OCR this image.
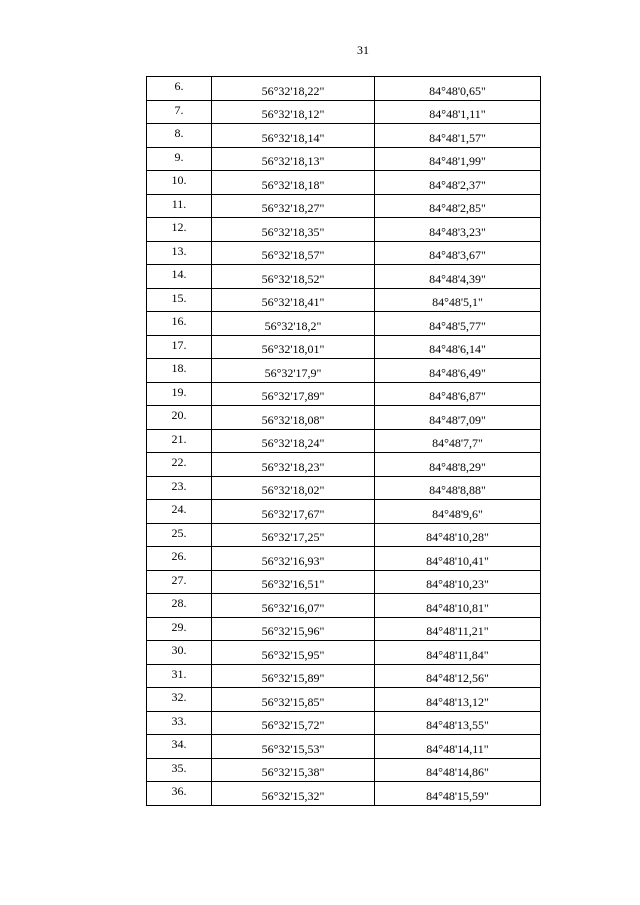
31
6.	56°32'18,22"	84°48'0,65"
7.	56°32'18,12"	84°48'1,11"
8.	56°32'18,14"	84°48'1,57"
9.	56°32'18,13"	84°48'1,99"
10.	56°32'18,18"	84°48'2,37"
11.	56°32'18,27"	84°48'2,85"
12.	56°32'18,35"	84°48'3,23"
13.	56°32'18,57"	84°48'3,67"
14.	56°32'18,52"	84°48'4,39"
15.	56°32'18,41"	84°48'5,1"
16.	56°32'18,2"	84°48'5,77"
17.	56°32'18,01"	84°48'6,14"
18.	56°32'17,9"	84°48'6,49"
19.	56°32'17,89"	84°48'6,87"
20.	56°32'18,08"	84°48'7,09"
21.	56°32'18,24"	84°48'7,7"
22.	56°32'18,23"	84°48'8,29"
23.	56°32'18,02"	84°48'8,88"
24.	56°32'17,67"	84°48'9,6"
25.	56°32'17,25"	84°48'10,28"
26.	56°32'16,93"	84°48'10,41"
27.	56°32'16,51"	84°48'10,23"
28.	56°32'16,07"	84°48'10,81"
29.	56°32'15,96"	84°48'11,21"
30.	56°32'15,95"	84°48'11,84"
31.	56°32'15,89"	84°48'12,56"
32.	56°32'15,85"	84°48'13,12"
33.	56°32'15,72"	84°48'13,55"
34.	56°32'15,53"	84°48'14,11"
35.	56°32'15,38"	84°48'14,86"
36.	56°32'15,32"	84°48'15,59"
